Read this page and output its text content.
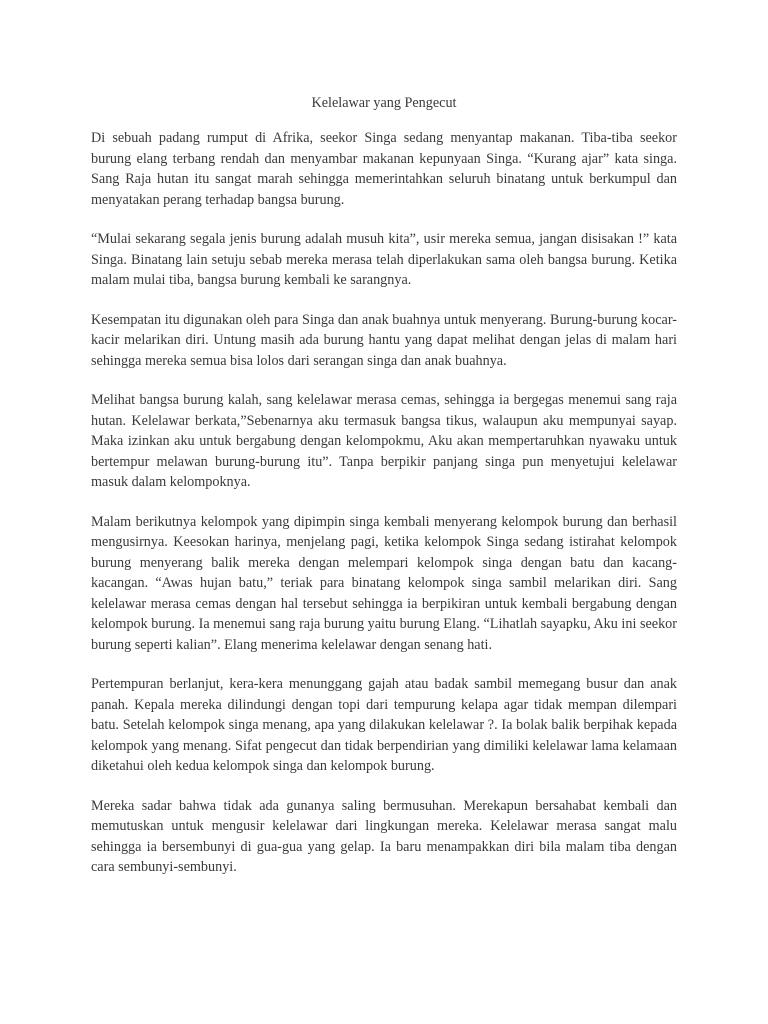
Kelelawar yang Pengecut

Di sebuah padang rumput di Afrika, seekor Singa sedang menyantap makanan. Tiba-tiba seekor burung elang terbang rendah dan menyambar makanan kepunyaan Singa. “Kurang ajar” kata singa. Sang Raja hutan itu sangat marah sehingga memerintahkan seluruh binatang untuk berkumpul dan menyatakan perang terhadap bangsa burung.

“Mulai sekarang segala jenis burung adalah musuh kita”, usir mereka semua, jangan disisakan !” kata Singa. Binatang lain setuju sebab mereka merasa telah diperlakukan sama oleh bangsa burung. Ketika malam mulai tiba, bangsa burung kembali ke sarangnya.

Kesempatan itu digunakan oleh para Singa dan anak buahnya untuk menyerang. Burung-burung kocar-kacir melarikan diri. Untung masih ada burung hantu yang dapat melihat dengan jelas di malam hari sehingga mereka semua bisa lolos dari serangan singa dan anak buahnya.

Melihat bangsa burung kalah, sang kelelawar merasa cemas, sehingga ia bergegas menemui sang raja hutan. Kelelawar berkata,”Sebenarnya aku termasuk bangsa tikus, walaupun aku mempunyai sayap. Maka izinkan aku untuk bergabung dengan kelompokmu, Aku akan mempertaruhkan nyawaku untuk bertempur melawan burung-burung itu”. Tanpa berpikir panjang singa pun menyetujui kelelawar masuk dalam kelompoknya.

Malam berikutnya kelompok yang dipimpin singa kembali menyerang kelompok burung dan berhasil mengusirnya. Keesokan harinya, menjelang pagi, ketika kelompok Singa sedang istirahat kelompok burung menyerang balik mereka dengan melempari kelompok singa dengan batu dan kacang-kacangan. “Awas hujan batu,” teriak para binatang kelompok singa sambil melarikan diri. Sang kelelawar merasa cemas dengan hal tersebut sehingga ia berpikiran untuk kembali bergabung dengan kelompok burung. Ia menemui sang raja burung yaitu burung Elang. “Lihatlah sayapku, Aku ini seekor burung seperti kalian”. Elang menerima kelelawar dengan senang hati.

Pertempuran berlanjut, kera-kera menunggang gajah atau badak sambil memegang busur dan anak panah. Kepala mereka dilindungi dengan topi dari tempurung kelapa agar tidak mempan dilempari batu. Setelah kelompok singa menang, apa yang dilakukan kelelawar ?. Ia bolak balik berpihak kepada kelompok yang menang. Sifat pengecut dan tidak berpendirian yang dimiliki kelelawar lama kelamaan diketahui oleh kedua kelompok singa dan kelompok burung.

Mereka sadar bahwa tidak ada gunanya saling bermusuhan. Merekapun bersahabat kembali dan memutuskan untuk mengusir kelelawar dari lingkungan mereka. Kelelawar merasa sangat malu sehingga ia bersembunyi di gua-gua yang gelap. Ia baru menampakkan diri bila malam tiba dengan cara sembunyi-sembunyi.
